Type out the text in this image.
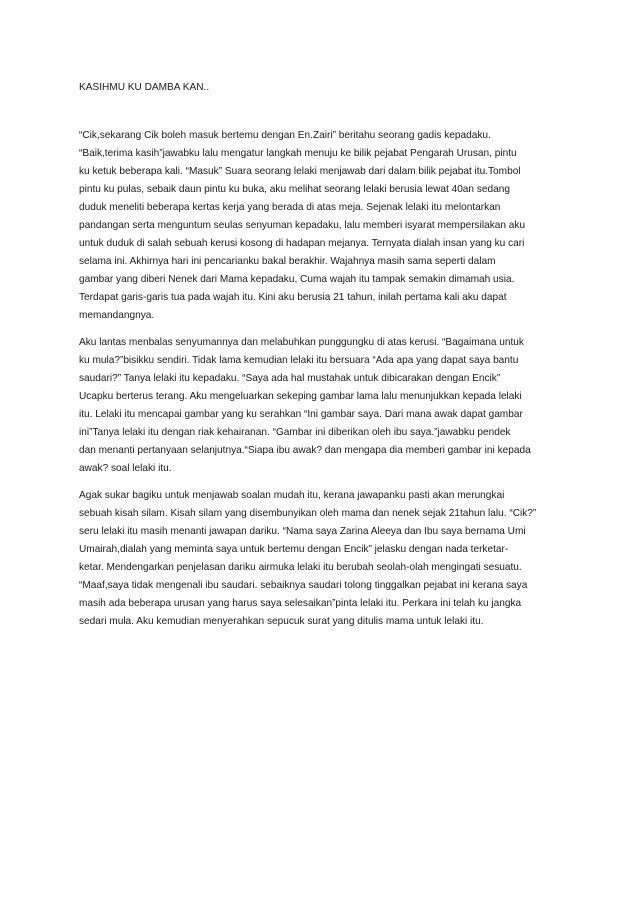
KASIHMU KU DAMBA KAN..
“Cik,sekarang Cik boleh masuk bertemu dengan En.Zairi” beritahu seorang gadis kepadaku.
“Baik,terima kasih”jawabku lalu mengatur langkah menuju ke bilik pejabat Pengarah Urusan, pintu
ku ketuk beberapa kali. “Masuk” Suara seorang lelaki menjawab dari dalam bilik pejabat itu.Tombol
pintu ku pulas, sebaik daun pintu ku buka, aku melihat seorang lelaki berusia lewat 40an sedang
duduk meneliti beberapa kertas kerja yang berada di atas meja. Sejenak lelaki itu melontarkan
pandangan serta menguntum seulas senyuman kepadaku, lalu memberi isyarat mempersilakan aku
untuk duduk di salah sebuah kerusi kosong di hadapan mejanya. Ternyata dialah insan yang ku cari
selama ini. Akhirnya hari ini pencarianku bakal berakhir. Wajahnya masih sama seperti dalam
gambar yang diberi Nenek dari Mama kepadaku, Cuma wajah itu tampak semakin dimamah usia.
Terdapat garis-garis tua pada wajah itu. Kini aku berusia 21 tahun, inilah pertama kali aku dapat
memandangnya.
Aku lantas menbalas senyumannya dan melabuhkan punggungku di atas kerusi. “Bagaimana untuk
ku mula?”bisikku sendiri. Tidak lama kemudian lelaki itu bersuara “Ada apa yang dapat saya bantu
saudari?” Tanya lelaki itu kepadaku. “Saya ada hal mustahak untuk dibicarakan dengan Encik”
Ucapku berterus terang. Aku mengeluarkan sekeping gambar lama lalu menunjukkan kepada lelaki
itu. Lelaki itu mencapai gambar yang ku serahkan “Ini gambar saya. Dari mana awak dapat gambar
ini”Tanya lelaki itu dengan riak kehairanan. “Gambar ini diberikan oleh ibu saya.”jawabku pendek
dan menanti pertanyaan selanjutnya.“Siapa ibu awak? dan mengapa dia memberi gambar ini kepada
awak? soal lelaki itu.
Agak sukar bagiku untuk menjawab soalan mudah itu, kerana jawapanku pasti akan merungkai
sebuah kisah silam. Kisah silam yang disembunyikan oleh mama dan nenek sejak 21tahun lalu. “Cik?”
seru lelaki itu masih menanti jawapan dariku. “Nama saya Zarina Aleeya dan Ibu saya bernama Umi
Umairah,dialah yang meminta saya untuk bertemu dengan Encik” jelasku dengan nada terketar-
ketar. Mendengarkan penjelasan dariku airmuka lelaki itu berubah seolah-olah mengingati sesuatu.
“Maaf,saya tidak mengenali ibu saudari. sebaiknya saudari tolong tinggalkan pejabat ini kerana saya
masih ada beberapa urusan yang harus saya selesaikan”pinta lelaki itu. Perkara ini telah ku jangka
sedari mula. Aku kemudian menyerahkan sepucuk surat yang ditulis mama untuk lelaki itu.
